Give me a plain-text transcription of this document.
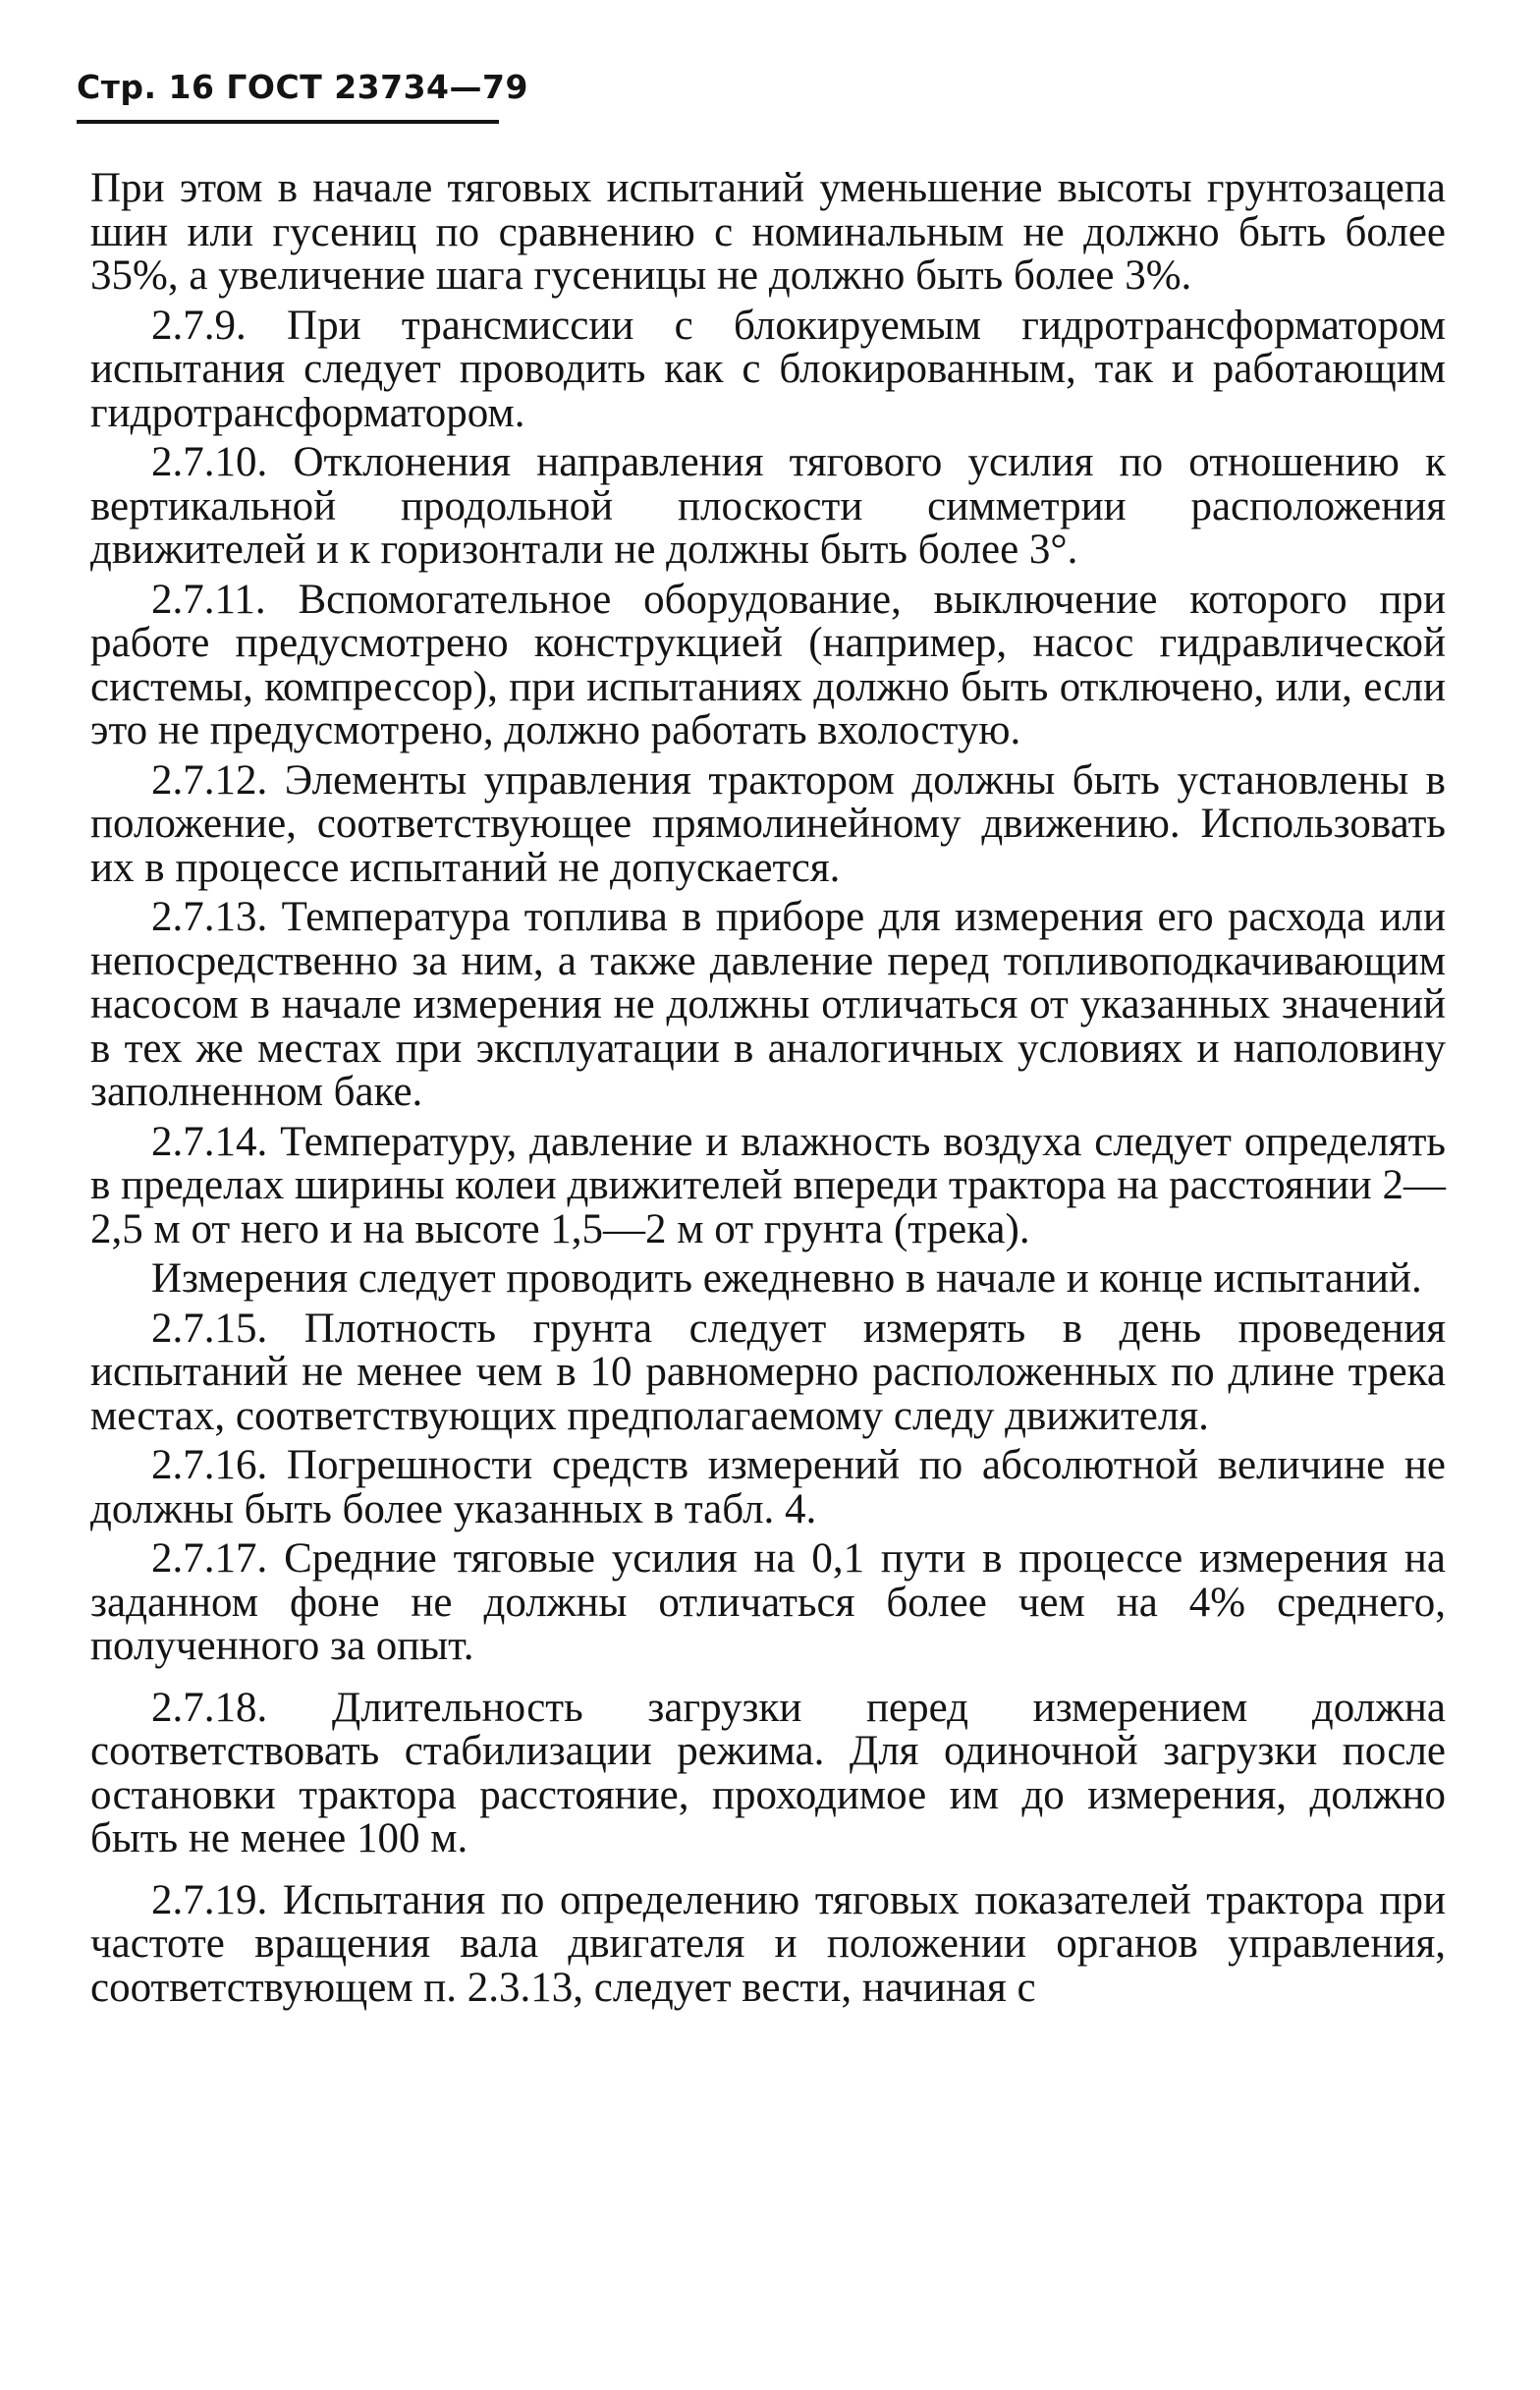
Стр. 16 ГОСТ 23734—79

При этом в начале тяговых испытаний уменьшение высоты грунтозацепа шин или гусениц по сравнению с номинальным не должно быть более 35%, а увеличение шага гусеницы не должно быть более 3%.

2.7.9. При трансмиссии с блокируемым гидротрансформатором испытания следует проводить как с блокированным, так и работающим гидротрансформатором.

2.7.10. Отклонения направления тягового усилия по отношению к вертикальной продольной плоскости симметрии расположения движителей и к горизонтали не должны быть более 3°.

2.7.11. Вспомогательное оборудование, выключение которого при работе предусмотрено конструкцией (например, насос гидравлической системы, компрессор), при испытаниях должно быть отключено, или, если это не предусмотрено, должно работать вхолостую.

2.7.12. Элементы управления трактором должны быть установлены в положение, соответствующее прямолинейному движению. Использовать их в процессе испытаний не допускается.

2.7.13. Температура топлива в приборе для измерения его расхода или непосредственно за ним, а также давление перед топливоподкачивающим насосом в начале измерения не должны отличаться от указанных значений в тех же местах при эксплуатации в аналогичных условиях и наполовину заполненном баке.

2.7.14. Температуру, давление и влажность воздуха следует определять в пределах ширины колеи движителей впереди трактора на расстоянии 2—2,5 м от него и на высоте 1,5—2 м от грунта (трека).

Измерения следует проводить ежедневно в начале и конце испытаний.

2.7.15. Плотность грунта следует измерять в день проведения испытаний не менее чем в 10 равномерно расположенных по длине трека местах, соответствующих предполагаемому следу движителя.

2.7.16. Погрешности средств измерений по абсолютной величине не должны быть более указанных в табл. 4.

2.7.17. Средние тяговые усилия на 0,1 пути в процессе измерения на заданном фоне не должны отличаться более чем на 4% среднего, полученного за опыт.

2.7.18. Длительность загрузки перед измерением должна соответствовать стабилизации режима. Для одиночной загрузки после остановки трактора расстояние, проходимое им до измерения, должно быть не менее 100 м.

2.7.19. Испытания по определению тяговых показателей трактора при частоте вращения вала двигателя и положении органов управления, соответствующем п. 2.3.13, следует вести, начиная с
